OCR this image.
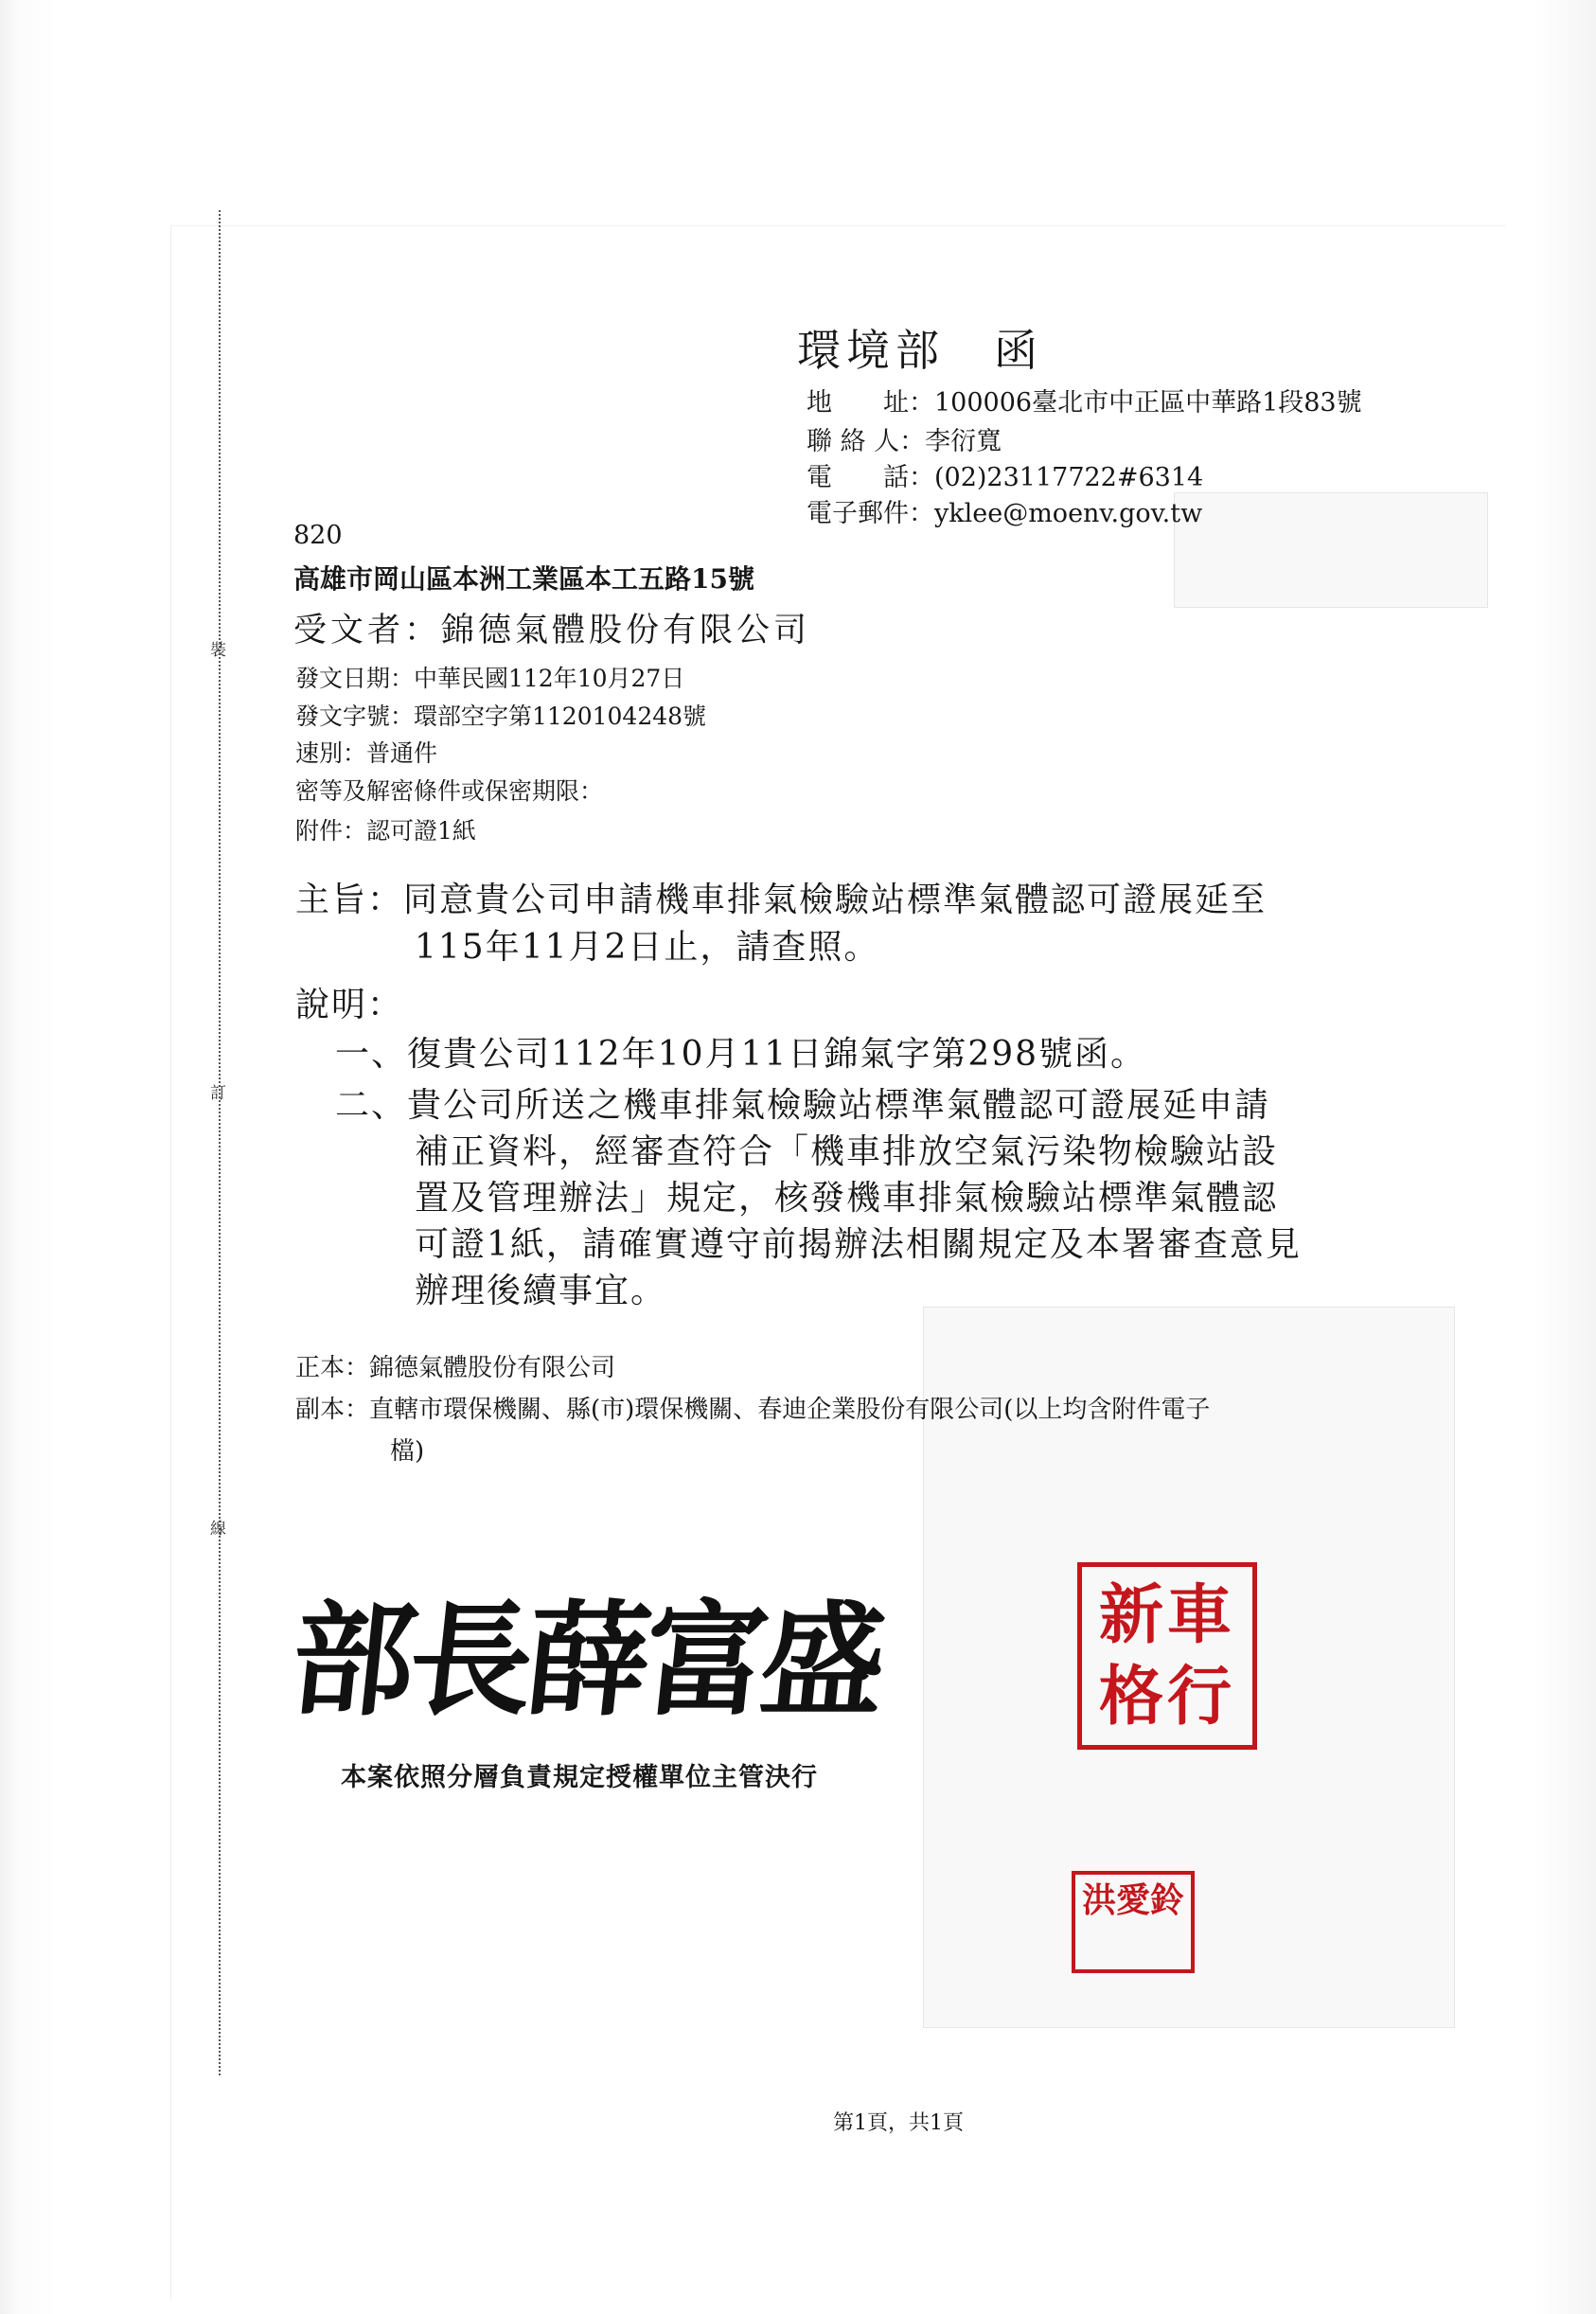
裝
訂
線
環境部　函
地　　址：100006臺北市中正區中華路1段83號
聯 絡 人：李衍寬
電　　話：(02)23117722#6314
電子郵件：yklee@moenv.gov.tw
820
高雄市岡山區本洲工業區本工五路15號
受文者：錦德氣體股份有限公司
發文日期：中華民國112年10月27日
發文字號：環部空字第1120104248號
速別：普通件
密等及解密條件或保密期限：
附件：認可證1紙
主旨：同意貴公司申請機車排氣檢驗站標準氣體認可證展延至
115年11月2日止，請查照。
說明：
一、復貴公司112年10月11日錦氣字第298號函。
二、貴公司所送之機車排氣檢驗站標準氣體認可證展延申請
補正資料，經審查符合「機車排放空氣污染物檢驗站設
置及管理辦法」規定，核發機車排氣檢驗站標準氣體認
可證1紙，請確實遵守前揭辦法相關規定及本署審查意見
辦理後續事宜。
正本：錦德氣體股份有限公司
副本：直轄市環保機關、縣(市)環保機關、春迪企業股份有限公司(以上均含附件電子
檔)
部長薛富盛
本案依照分層負責規定授權單位主管決行
新車格行
洪愛鈴
第1頁，共1頁
